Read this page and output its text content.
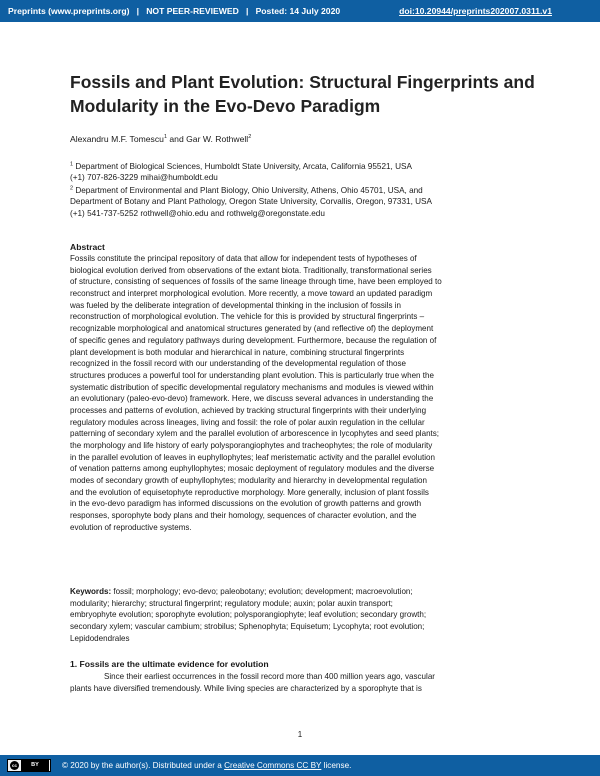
Preprints (www.preprints.org) | NOT PEER-REVIEWED | Posted: 14 July 2020	doi:10.20944/preprints202007.0311.v1
Fossils and Plant Evolution: Structural Fingerprints and Modularity in the Evo-Devo Paradigm
Alexandru M.F. Tomescu$^1$ and Gar W. Rothwell$^2$
$^1$ Department of Biological Sciences, Humboldt State University, Arcata, California 95521, USA
(+1) 707-826-3229 mihai@humboldt.edu
$^2$ Department of Environmental and Plant Biology, Ohio University, Athens, Ohio 45701, USA, and
Department of Botany and Plant Pathology, Oregon State University, Corvallis, Oregon, 97331, USA
(+1) 541-737-5252 rothwell@ohio.edu and rothwelg@oregonstate.edu
Abstract
Fossils constitute the principal repository of data that allow for independent tests of hypotheses of
biological evolution derived from observations of the extant biota. Traditionally, transformational series
of structure, consisting of sequences of fossils of the same lineage through time, have been employed to
reconstruct and interpret morphological evolution. More recently, a move toward an updated paradigm
was fueled by the deliberate integration of developmental thinking in the inclusion of fossils in
reconstruction of morphological evolution. The vehicle for this is provided by structural fingerprints –
recognizable morphological and anatomical structures generated by (and reflective of) the deployment
of specific genes and regulatory pathways during development. Furthermore, because the regulation of
plant development is both modular and hierarchical in nature, combining structural fingerprints
recognized in the fossil record with our understanding of the developmental regulation of those
structures produces a powerful tool for understanding plant evolution. This is particularly true when the
systematic distribution of specific developmental regulatory mechanisms and modules is viewed within
an evolutionary (paleo-evo-devo) framework. Here, we discuss several advances in understanding the
processes and patterns of evolution, achieved by tracking structural fingerprints with their underlying
regulatory modules across lineages, living and fossil: the role of polar auxin regulation in the cellular
patterning of secondary xylem and the parallel evolution of arborescence in lycophytes and seed plants;
the morphology and life history of early polysporangiophytes and tracheophytes; the role of modularity
in the parallel evolution of leaves in euphyllophytes; leaf meristematic activity and the parallel evolution
of venation patterns among euphyllophytes; mosaic deployment of regulatory modules and the diverse
modes of secondary growth of euphyllophytes; modularity and hierarchy in developmental regulation
and the evolution of equisetophyte reproductive morphology. More generally, inclusion of plant fossils
in the evo-devo paradigm has informed discussions on the evolution of growth patterns and growth
responses, sporophyte body plans and their homology, sequences of character evolution, and the
evolution of reproductive systems.
Keywords: fossil; morphology; evo-devo; paleobotany; evolution; development; macroevolution;
modularity; hierarchy; structural fingerprint; regulatory module; auxin; polar auxin transport;
embryophyte evolution; sporophyte evolution; polysporangiophyte; leaf evolution; secondary growth;
secondary xylem; vascular cambium; strobilus; Sphenophyta; Equisetum; Lycophyta; root evolution;
Lepidodendrales
1. Fossils are the ultimate evidence for evolution
Since their earliest occurrences in the fossil record more than 400 million years ago, vascular
plants have diversified tremendously. While living species are characterized by a sporophyte that is
1
cc	BY	© 2020 by the author(s). Distributed under a Creative Commons CC BY license.
